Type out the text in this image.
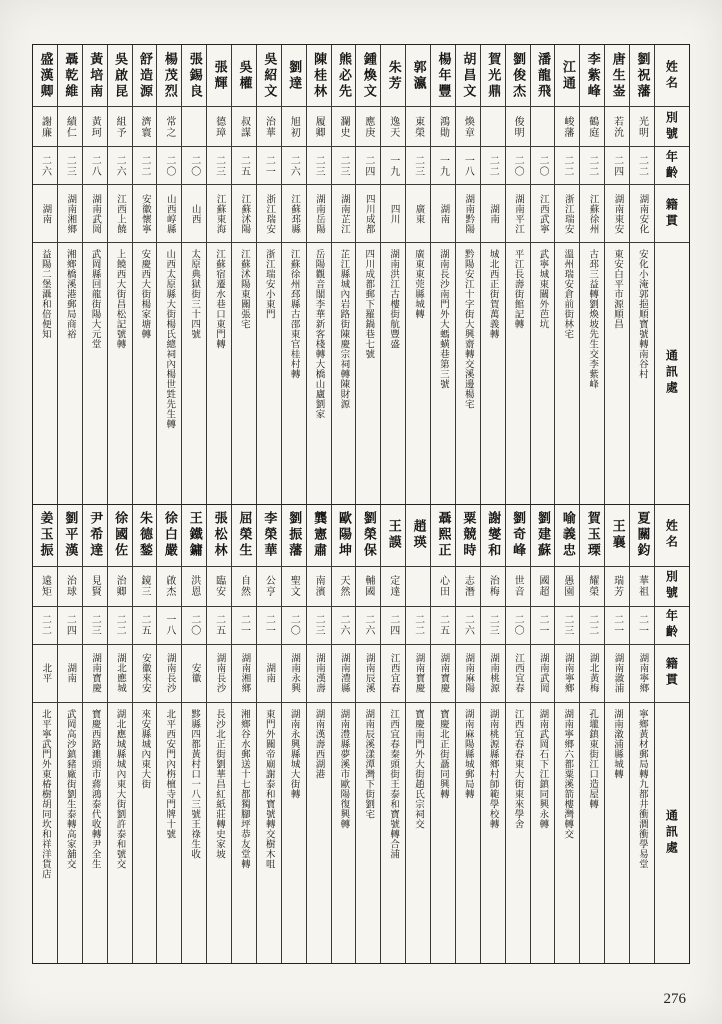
盛漢卿
謝廉
二六
湖南
益陽二堡灄和倍便知
聶乾維
績仁
二三
湖南湘鄉
湘鄉橋溪港郵局商裕
黃培南
黃珂
二八
湖南武岡
武岡縣回龍街陽大元堂
吳啟昆
組予
二六
江西上饒
上饒西大街昌松記號轉
舒造源
濟寰
二二
安徽懷寧
安慶西大街楊家塘轉
楊茂烈
常之
二〇
山西崞縣
山西太原縣大街楊氏總祠內楊世甡先生轉
張錫良
二〇
山西
太原典獄街三十四號
張輝
德璋
二三
江蘇東海
江蘇宿遷水巷口東門轉
吳權
叔謀
二五
江蘇沭陽
江蘇沭陽東關張宅
吳紹文
治華
二一
浙江瑞安
浙江瑞安小東門
劉達
旭初
二六
江蘇邳縣
江蘇徐州邳縣古邵東官桂村轉
陳桂林
履卿
二三
湖南岳陽
岳陽觀音閣李華新客棧轉大橋山廬劉家
熊必先
瀾史
二三
湖南芷江
芷江縣城內岩路街陳慶宗祠轉陳財源
鍾煥文
應庚
二四
四川成都
四川成都郵下羅鍋巷七號
朱芳
逸天
一九
四川
湖南洪江古樓街航豐盛
郭瀛
東榮
二三
廣東
廣東東莞縣城轉
楊年豐
鴻勛
一九
湖南
湖南長沙南門外大螞蟥巷第三號
胡昌文
煥章
一八
湖南黔陽
黔陽安江十字街大興齋轉交溪邊楊宅
賀光鼎
二二
湖南
城北西正街賀萬義轉
劉俊杰
俊明
二〇
湖南平江
平江長壽街館記轉
潘龍飛
二〇
江西武寧
武寧城東關外芭坑
江通
峻藩
二二
浙江瑞安
溫州瑞安倉前街林宅
李紫峰
鶴庭
二二
江蘇徐州
古邳三益轉劉煥坡先生交李紫峰
唐生崟
若沇
二四
湖南東安
東安白平市源順昌
劉祝藩
光明
二二
湖南安化
安化小淹郭挹順寶號轉南谷村
姓名
別號
年齡
籍貫
通訊處
姜玉振
遠矩
二二
北平
北平寧武門外東椿樹胡同坎和祥洋貨店
劉平漢
治球
二四
湖南
武岡高沙鎮豬廠街劉生泰轉高家舖交
尹希達
見賢
二三
湖南寶慶
寶慶西路濉頭市蔣鴻泰代收轉尹全生
徐國佐
治卿
二二
湖北應城
湖北應城縣城內東大街劉許泰和號交
朱德鍫
鏡三
二五
安徽來安
來安縣城內東大街
徐白嚴
啟杰
一八
湖南長沙
北平西安門內栴檀寺門牌十號
王鐵鏞
洪恩
二〇
安徽
黟縣四都黃村口一八三號王祿生收
張松林
臨安
二五
湖南長沙
長沙北正街劉華昌紅紙莊轉史家坡
屈榮生
自然
二一
湖南湘鄉
湘鄉谷水郵送十七都獨腳坪恭友堂轉
李榮華
公亨
二一
湖南
東門外關帝廟謝泰和寶號轉交樹木咀
劉振藩
聖文
二〇
湖南永興
湖南永興縣城大街轉
龔憲肅
南濱
二三
湖南漢壽
湖南漢壽西湖港
歐陽坤
天然
二六
湖南澧縣
湖南澧縣夢溪市歐陽復興轉
劉榮保
輔國
二六
湖南辰溪
湖南辰溪漾潭灣下街劉宅
王謨
定達
二四
江西宜春
江西宜春秦頭街王泰和寶號轉合浦
趙瑛
二二
湖南寶慶
寶慶南門外大街趙氏宗祠交
聶熙正
心田
二五
湖南寶慶
寶慶北正街聶同興轉
粟競時
志潛
二六
湖南麻陽
湖南麻陽縣城郵局轉
謝燮和
治梅
二三
湖南桃源
湖南桃源縣鄉村師範學校轉
劉奇峰
世音
二〇
江西宜春
江西宜春春東大街東來學舍
劉建蘇
國超
二一
湖南武岡
湖南武岡石下江鎮同興永轉
喻義忠
愚園
二三
湖南寧鄉
湖南寧鄉六都粟溪箭樓灣轉交
賀玉瑮
耀榮
二二
湖北黃梅
孔壠鎮東街江口造屋轉
王襄
瑞芳
二一
湖南漵浦
湖南漵浦縣城轉
夏關鈞
華祖
二一
湖南寧鄉
寧鄉黃材郵局轉九都井衝澗衝學易堂
姓名
別號
年齡
籍貫
通訊處
276
